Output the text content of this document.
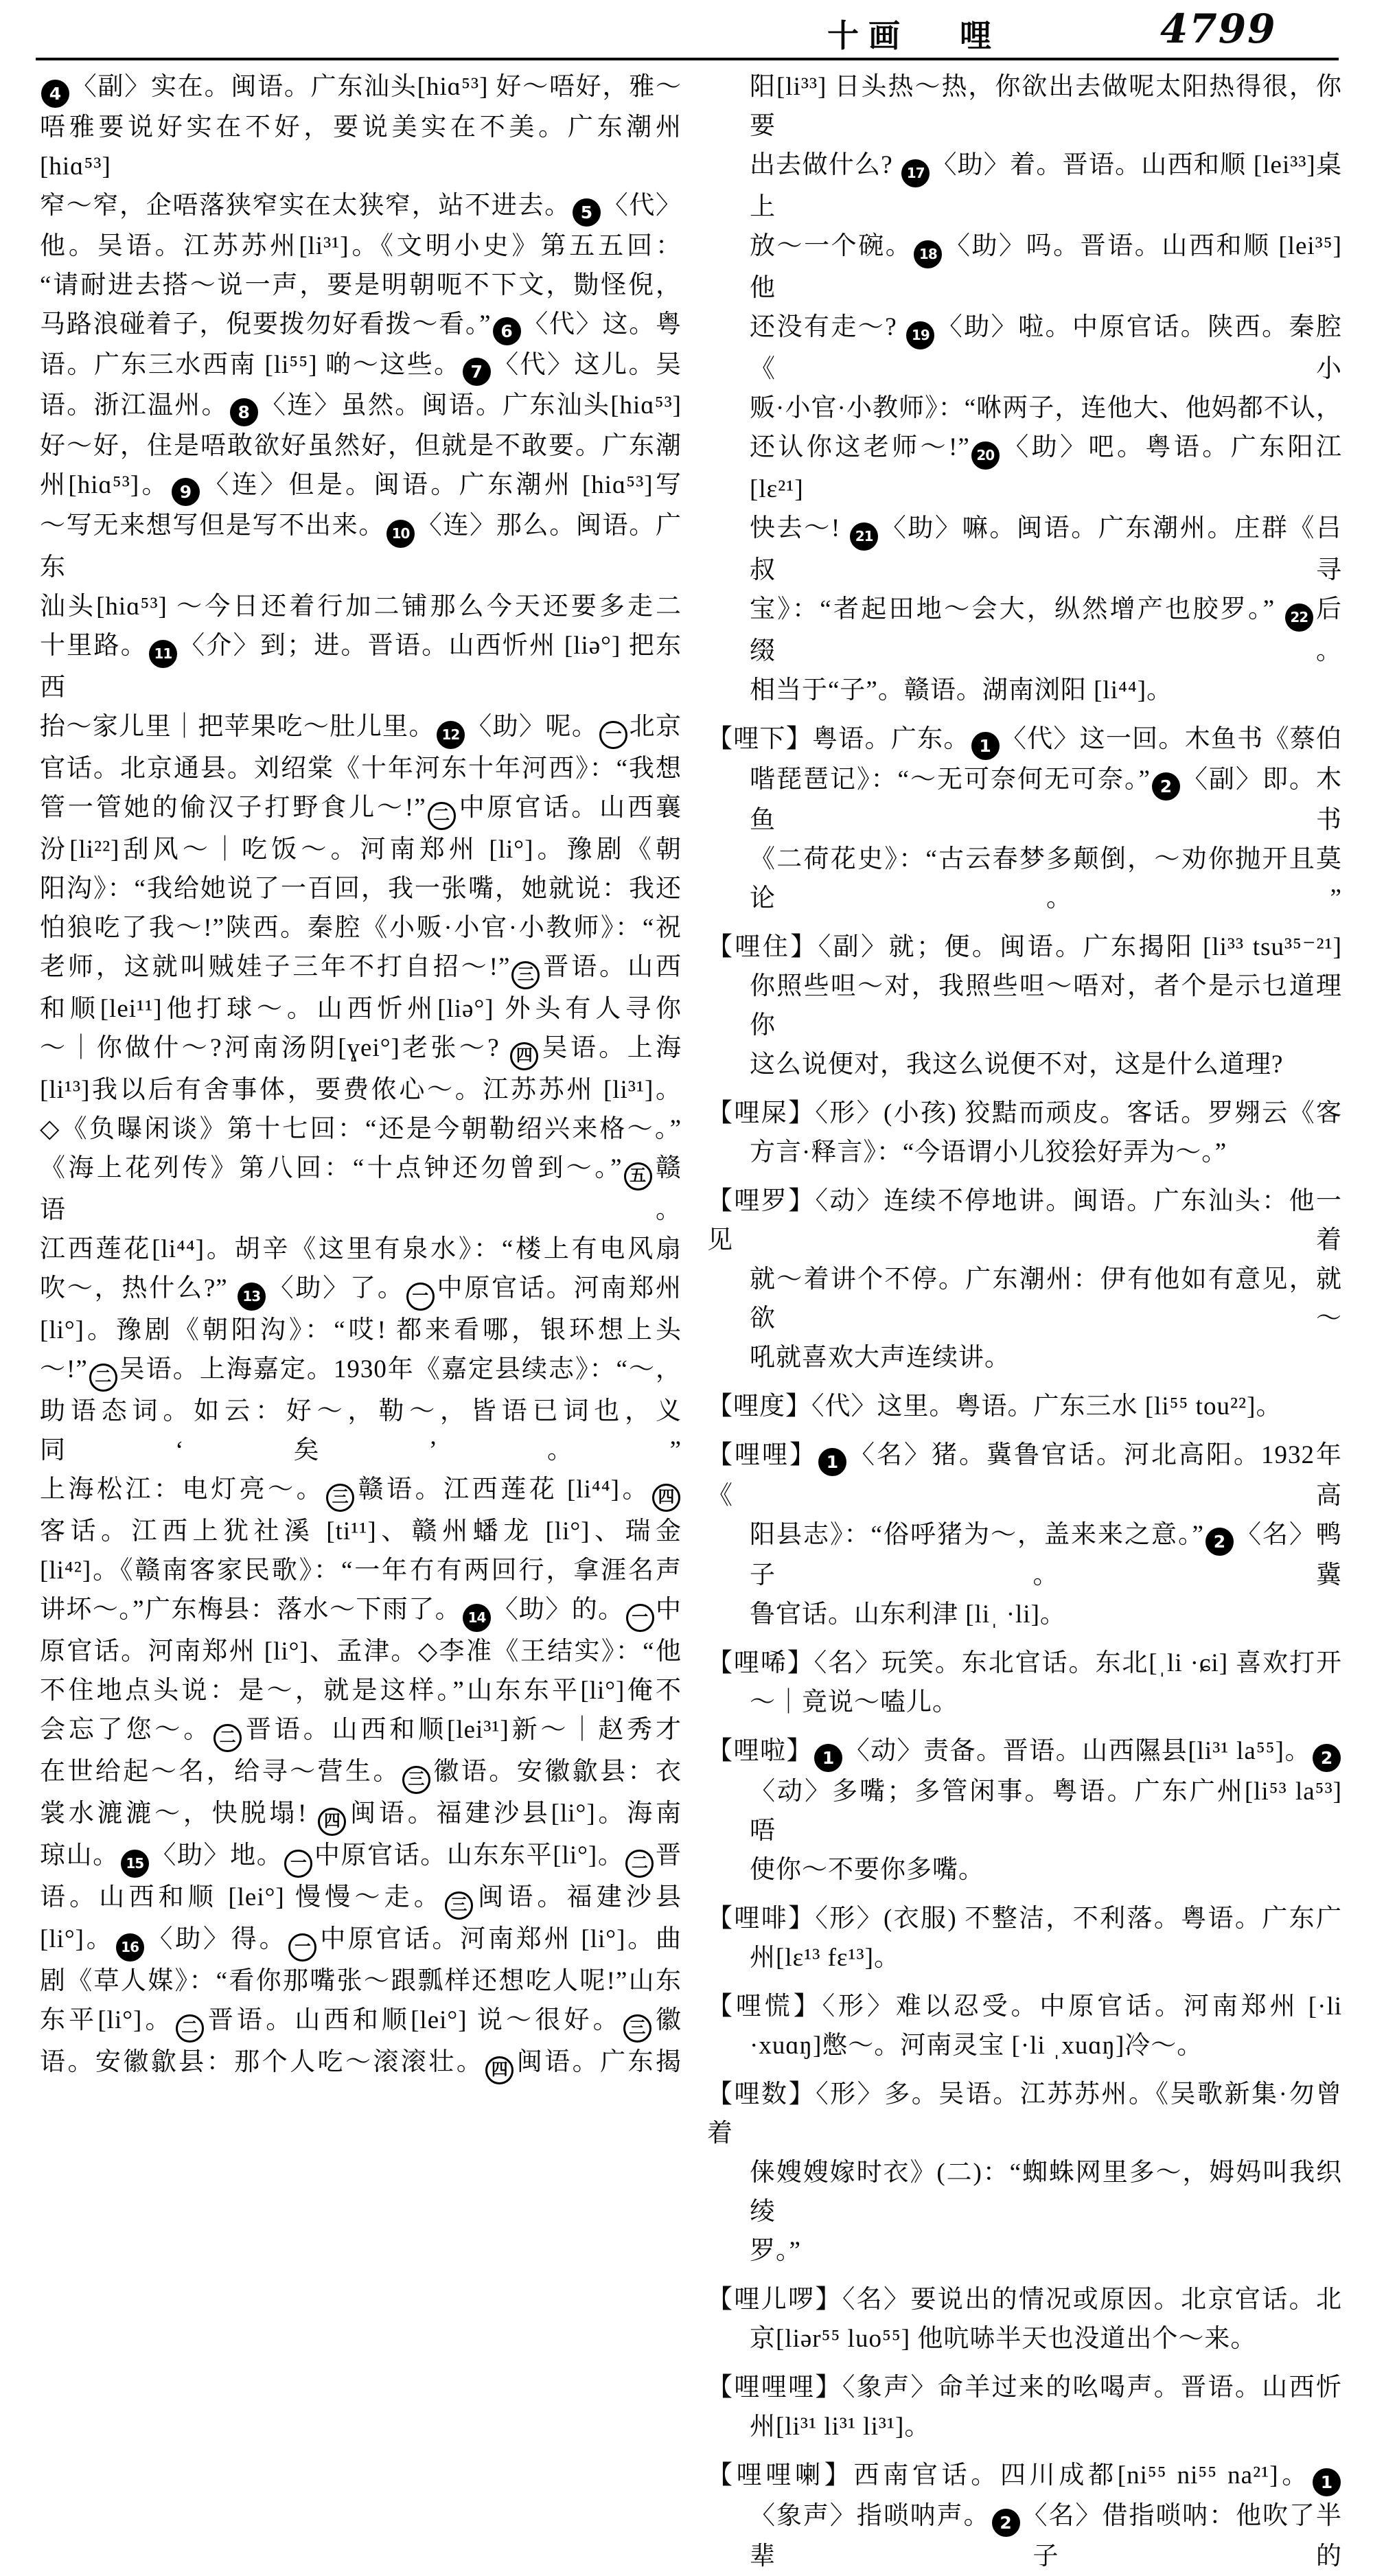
十画 哩	4799
4 〈副〉实在。闽语。广东汕头[hiɑ⁵³] 好～唔好，雅～
唔雅要说好实在不好，要说美实在不美。广东潮州[hiɑ⁵³]
窄～窄，企唔落狭窄实在太狭窄，站不进去。 5 〈代〉
他。吴语。江苏苏州[li³¹]。《文明小史》第五五回：
“请耐进去搭～说一声，要是明朝呃不下文，勚怪倪，
马路浪碰着子，倪要拨勿好看拨～看。” 6 〈代〉这。粤
语。广东三水西南 [li⁵⁵] 啲～这些。 7 〈代〉这儿。吴
语。浙江温州。 8 〈连〉虽然。闽语。广东汕头[hiɑ⁵³]
好～好，住是唔敢欲好虽然好，但就是不敢要。广东潮
州[hiɑ⁵³]。 9 〈连〉但是。闽语。广东潮州 [hiɑ⁵³]写
～写无来想写但是写不出来。 10 〈连〉那么。闽语。广东
汕头[hiɑ⁵³] ～今日还着行加二铺那么今天还要多走二
十里路。 11 〈介〉到；进。晋语。山西忻州 [liə°] 把东西
抬～家儿里｜把苹果吃～肚儿里。 12 〈助〉呢。 一 北京
官话。北京通县。刘绍棠《十年河东十年河西》：“我想
管一管她的偷汉子打野食儿～!” 二 中原官话。山西襄
汾[li²²]刮风～｜吃饭～。河南郑州 [li°]。豫剧《朝
阳沟》：“我给她说了一百回，我一张嘴，她就说：我还
怕狼吃了我～!”陕西。秦腔《小贩·小官·小教师》：“祝
老师，这就叫贼娃子三年不打自招～!” 三 晋语。山西
和顺[lei¹¹]他打球～。山西忻州[liə°] 外头有人寻你
～｜你做什～?河南汤阴[ɣei°]老张～? 四 吴语。上海
[li¹³]我以后有舍事体，要费侬心～。江苏苏州 [li³¹]。
◇《负曝闲谈》第十七回：“还是今朝勒绍兴来格～。”
《海上花列传》第八回：“十点钟还勿曾到～。” 五 赣语。
江西莲花[li⁴⁴]。胡辛《这里有泉水》：“楼上有电风扇
吹～，热什么?” 13 〈助〉了。 一 中原官话。河南郑州
[li°]。豫剧《朝阳沟》：“哎! 都来看哪，银环想上头
～!” 二 吴语。上海嘉定。1930年《嘉定县续志》：“～，
助语态词。如云：好～，勒～，皆语已词也，义同‘矣’。”
上海松江：电灯亮～。 三 赣语。江西莲花 [li⁴⁴]。 四
客话。江西上犹社溪 [ti¹¹]、赣州蟠龙 [li°]、瑞金
[li⁴²]。《赣南客家民歌》：“一年冇有两回行，拿涯名声
讲坏～。”广东梅县：落水～下雨了。 14 〈助〉的。 一 中
原官话。河南郑州 [li°]、孟津。◇李准《王结实》：“他
不住地点头说：是～，就是这样。”山东东平[li°]俺不
会忘了您～。 二 晋语。山西和顺[lei³¹]新～｜赵秀才
在世给起～名，给寻～营生。 三 徽语。安徽歙县：衣
裳水漉漉～，快脱塌! 四 闽语。福建沙县[li°]。海南
琼山。 15 〈助〉地。 一 中原官话。山东东平[li°]。 二 晋
语。山西和顺 [lei°] 慢慢～走。 三 闽语。福建沙县
[li°]。 16 〈助〉得。 一 中原官话。河南郑州 [li°]。曲
剧《草人媒》：“看你那嘴张～跟瓢样还想吃人呢!”山东
东平[li°]。 二 晋语。山西和顺[lei°] 说～很好。 三 徽
语。安徽歙县：那个人吃～滚滚壮。 四 闽语。广东揭
阳[li³³] 日头热～热，你欲出去做呢太阳热得很，你要
出去做什么? 17 〈助〉着。晋语。山西和顺 [lei³³]桌上
放～一个碗。 18 〈助〉吗。晋语。山西和顺 [lei³⁵] 他
还没有走～? 19 〈助〉啦。中原官话。陕西。秦腔《小
贩·小官·小教师》：“咻两子，连他大、他妈都不认，
还认你这老师～!” 20 〈助〉吧。粤语。广东阳江 [lɛ²¹]
快去～! 21 〈助〉嘛。闽语。广东潮州。庄群《吕叔寻
宝》：“者起田地～会大，纵然增产也胶罗。” 22 后缀。
相当于“子”。赣语。湖南浏阳 [li⁴⁴]。
【哩下】粤语。广东。 1 〈代〉这一回。木鱼书《蔡伯
喈琵琶记》：“～无可奈何无可奈。” 2 〈副〉即。木鱼书
《二荷花史》：“古云春梦多颠倒，～劝你抛开且莫论。”
【哩住】〈副〉就；便。闽语。广东揭阳 [li³³ tsu³⁵⁻²¹]
你照些呾～对，我照些呾～唔对，者个是示乜道理你
这么说便对，我这么说便不对，这是什么道理?
【哩屎】〈形〉(小孩) 狡黠而顽皮。客话。罗翙云《客
方言·释言》：“今语谓小儿狡狯好弄为～。”
【哩罗】〈动〉连续不停地讲。闽语。广东汕头：他一见着
就～着讲个不停。广东潮州：伊有他如有意见，就欲～
吼就喜欢大声连续讲。
【哩度】〈代〉这里。粤语。广东三水 [li⁵⁵ tou²²]。
【哩哩】 1 〈名〉猪。冀鲁官话。河北高阳。1932年《高
阳县志》：“俗呼猪为～，盖来来之意。” 2 〈名〉鸭子。冀
鲁官话。山东利津 [liˌ ·li]。
【哩唏】〈名〉玩笑。东北官话。东北[ˌli ·ɕi] 喜欢打开
～｜竟说～嗑儿。
【哩啦】 1 〈动〉责备。晋语。山西隰县[li³¹ la⁵⁵]。 2
〈动〉多嘴；多管闲事。粤语。广东广州[li⁵³ la⁵³] 唔
使你～不要你多嘴。
【哩啡】〈形〉(衣服) 不整洁，不利落。粤语。广东广
州[lɛ¹³ fɛ¹³]。
【哩慌】〈形〉难以忍受。中原官话。河南郑州 [·li
·xuɑŋ]憋～。河南灵宝 [·li ˌxuɑŋ]冷～。
【哩数】〈形〉多。吴语。江苏苏州。《吴歌新集·勿曾着
俫嫂嫂嫁时衣》(二)：“蜘蛛网里多～，姆妈叫我织绫
罗。”
【哩儿啰】〈名〉要说出的情况或原因。北京官话。北
京[liər⁵⁵ luo⁵⁵] 他吭哧半天也没道出个～来。
【哩哩哩】〈象声〉命羊过来的吆喝声。晋语。山西忻
州[li³¹ li³¹ li³¹]。
【哩哩喇】西南官话。四川成都[ni⁵⁵ ni⁵⁵ na²¹]。 1
〈象声〉指唢呐声。 2 〈名〉借指唢呐：他吹了半辈子的
